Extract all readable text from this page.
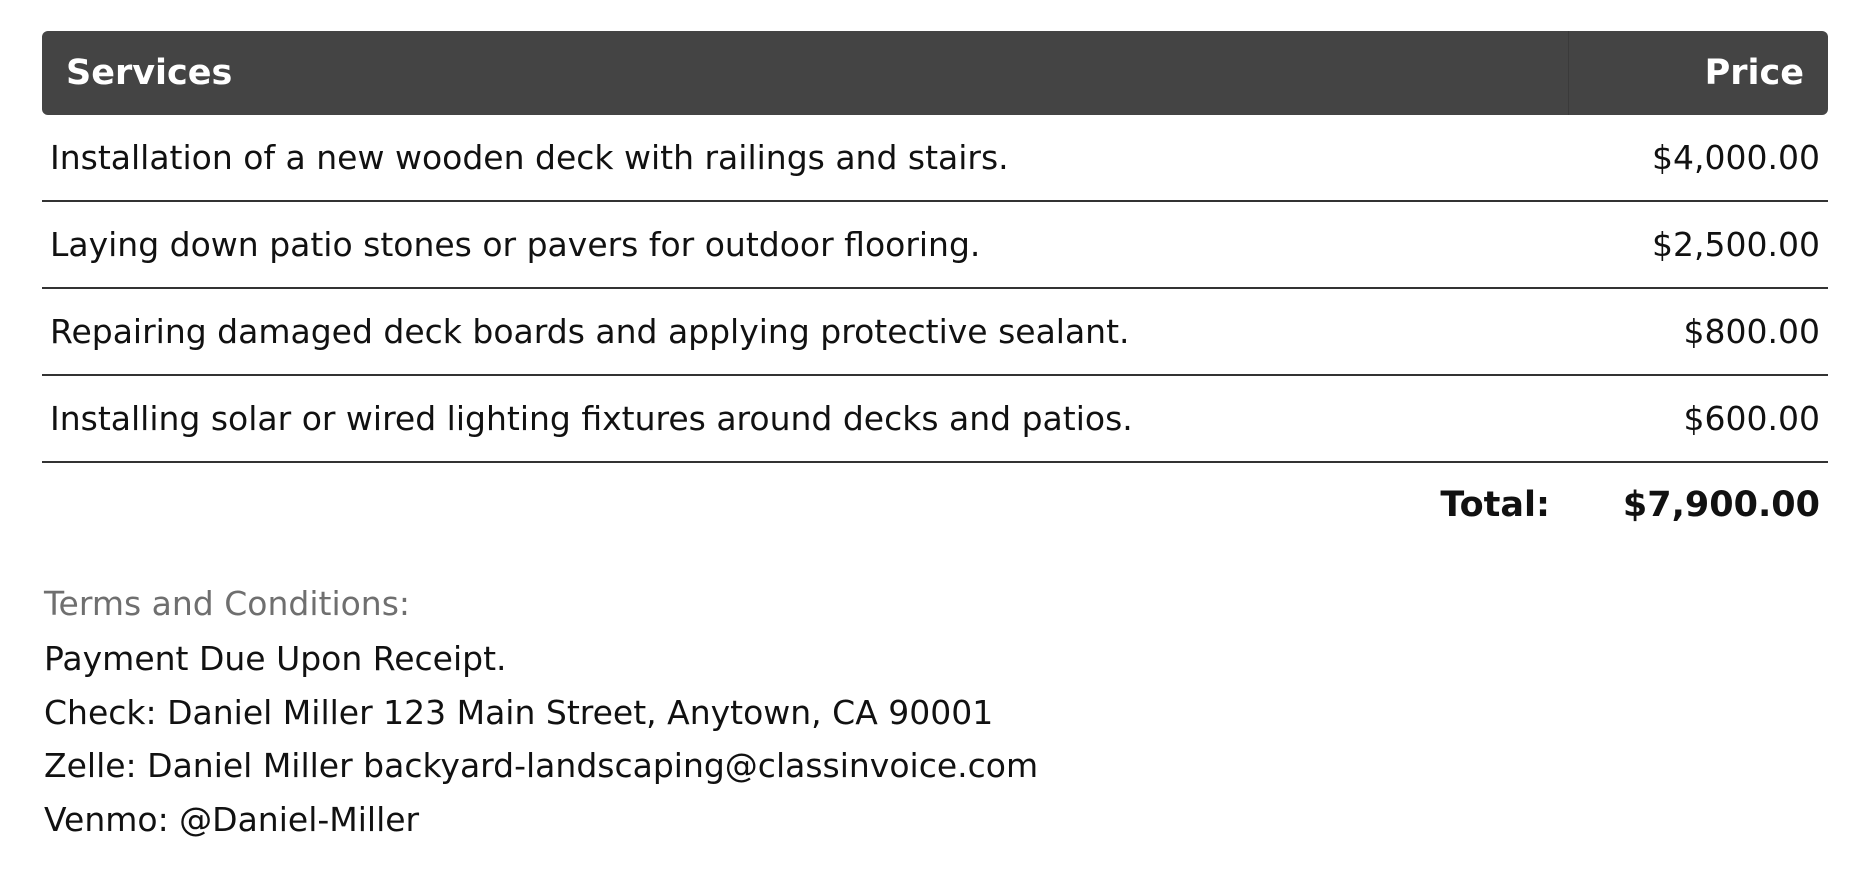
Services	Price
Installation of a new wooden deck with railings and stairs.	$4,000.00
Laying down patio stones or pavers for outdoor flooring.	$2,500.00
Repairing damaged deck boards and applying protective sealant.	$800.00
Installing solar or wired lighting fixtures around decks and patios.	$600.00
Total:	$7,900.00

Terms and Conditions:

Payment Due Upon Receipt.

Check: Daniel Miller 123 Main Street, Anytown, CA 90001

Zelle: Daniel Miller backyard-landscaping@classinvoice.com

Venmo: @Daniel-Miller
